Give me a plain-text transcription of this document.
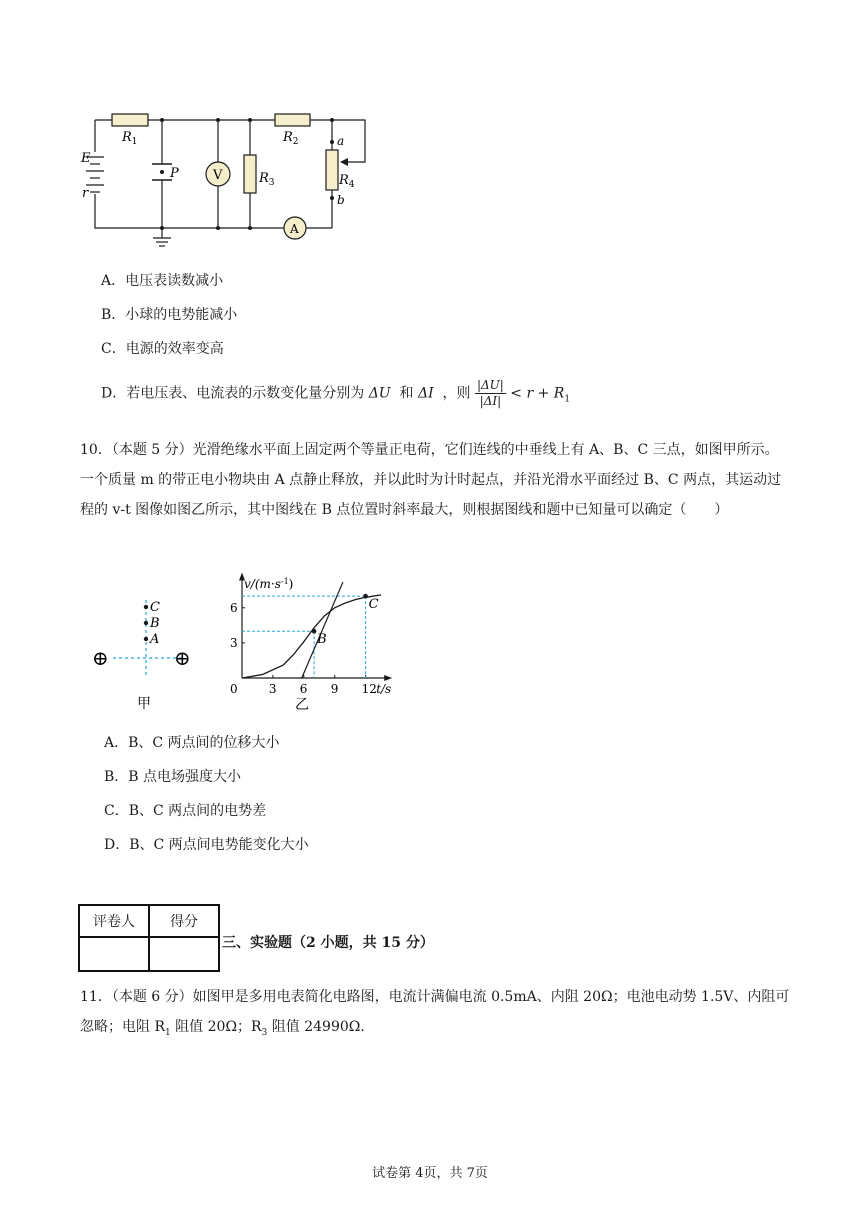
E
r
$R_1$	$R_2$
$R_3$	$R_4$
P	V
A
a
b
A．电压表读数减小
B．小球的电势能减小
C．电源的效率变高
D．若电压表、电流表的示数变化量分别为 ΔU 和 ΔI ，则 $\frac{|\Delta U|}{|\Delta I|} < r + R_1$
10．（本题 5 分）光滑绝缘水平面上固定两个等量正电荷，它们连线的中垂线上有 A、B、C 三点，如图甲所示。一个质量 m 的带正电小物块由 A 点静止释放，并以此时为计时起点，并沿光滑水平面经过 B、C 两点，其运动过程的 v-t 图像如图乙所示，其中图线在 B 点位置时斜率最大，则根据图线和题中已知量可以确定（　　）
C
B
A
⊕	⊕
甲
3 6 9 12
3
6
0	t/s
$v/(m\cdot s^{-1})$
B
C
乙
A．B、C 两点间的位移大小
B．B 点电场强度大小
C．B、C 两点间的电势差
D．B、C 两点间电势能变化大小
评卷人	得分

三、实验题（2 小题，共 15 分）
11．（本题 6 分）如图甲是多用电表简化电路图，电流计满偏电流 0.5mA、内阻 20Ω；电池电动势 1.5V、内阻可忽略；电阻 $R_1$ 阻值 20Ω；$R_3$ 阻值 24990Ω.
试卷第 4页，共 7页
